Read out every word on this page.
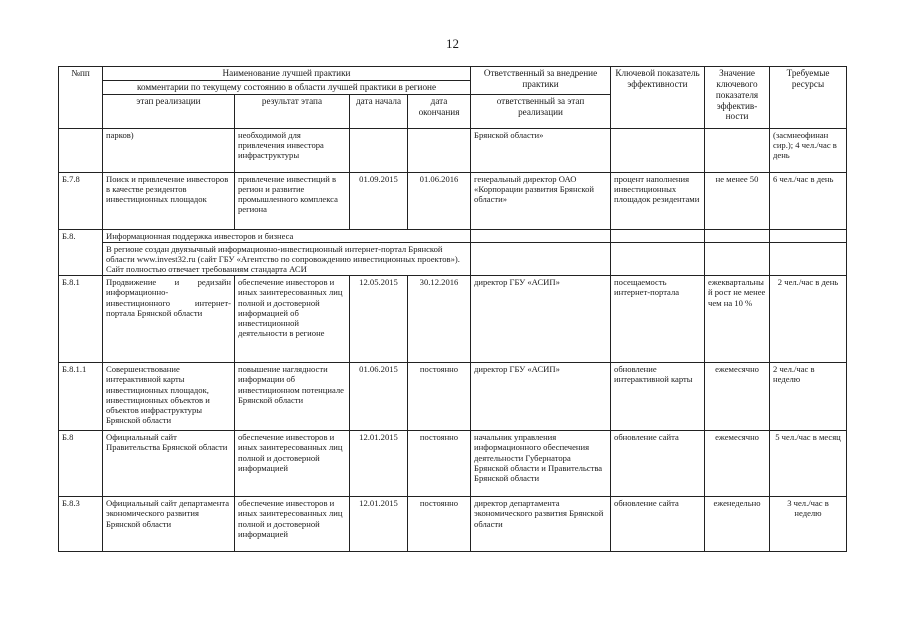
12
№пп	Наименование лучшей практики				Ответственный за внедрение практики	Ключевой показатель эффективности	Значение ключевого показателя эффектив-ности	Требуемые ресурсы
	комментарии по текущему состоянию в области лучшей практики в регионе							
	этап реализации	результат этапа	дата начала	дата окончания	ответственный за этап реализации			
	парков)	необходимой для привлечения инвестора инфраструктуры			Брянской области»			(засмнеофинан сир.); 4 чел./час в день
Б.7.8	Поиск и привлечение инвесторов в качестве резидентов инвестиционных площадок	привлечение инвестиций в регион и развитие промышленного комплекса региона	01.09.2015	01.06.2016	генеральный директор ОАО «Корпорации развития Брянской области»	процент наполнения инвестиционных площадок резидентами	не менее 50	6 чел./час в день
Б.8.	Информационная поддержка инвесторов и бизнеса							
	В регионе создан двуязычный информационно-инвестиционный интернет-портал Брянской области www.invest32.ru (сайт ГБУ «Агентство по сопровождению инвестиционных проектов»). Сайт полностью отвечает требованиям стандарта АСИ							
Б.8.1	Продвижение и редизайн информационно-инвестиционного интернет-портала Брянской области	обеспечение инвесторов и иных заинтересованных лиц полной и достоверной информацией об инвестиционной деятельности в регионе	12.05.2015	30.12.2016	директор ГБУ «АСИП»	посещаемость интернет-портала	ежеквартальный рост не менее чем на 10 %	2 чел./час в день
Б.8.1.1	Совершенствование интерактивной карты инвестиционных площадок, инвестиционных объектов и объектов инфраструктуры Брянской области	повышение наглядности информации об инвестиционном потенциале Брянской области	01.06.2015	постоянно	директор ГБУ «АСИП»	обновление интерактивной карты	ежемесячно	2 чел./час в неделю
Б.8	Официальный сайт Правительства Брянской области	обеспечение инвесторов и иных заинтересованных лиц полной и достоверной информацией	12.01.2015	постоянно	начальник управления информационного обеспечения деятельности Губернатора Брянской области и Правительства Брянской области	обновление сайта	ежемесячно	5 чел./час в месяц
Б.8.3	Официальный сайт департамента экономического развития Брянской области	обеспечение инвесторов и иных заинтересованных лиц полной и достоверной информацией	12.01.2015	постоянно	директор департамента экономического развития Брянской области	обновление сайта	еженедельно	3 чел./час в неделю
